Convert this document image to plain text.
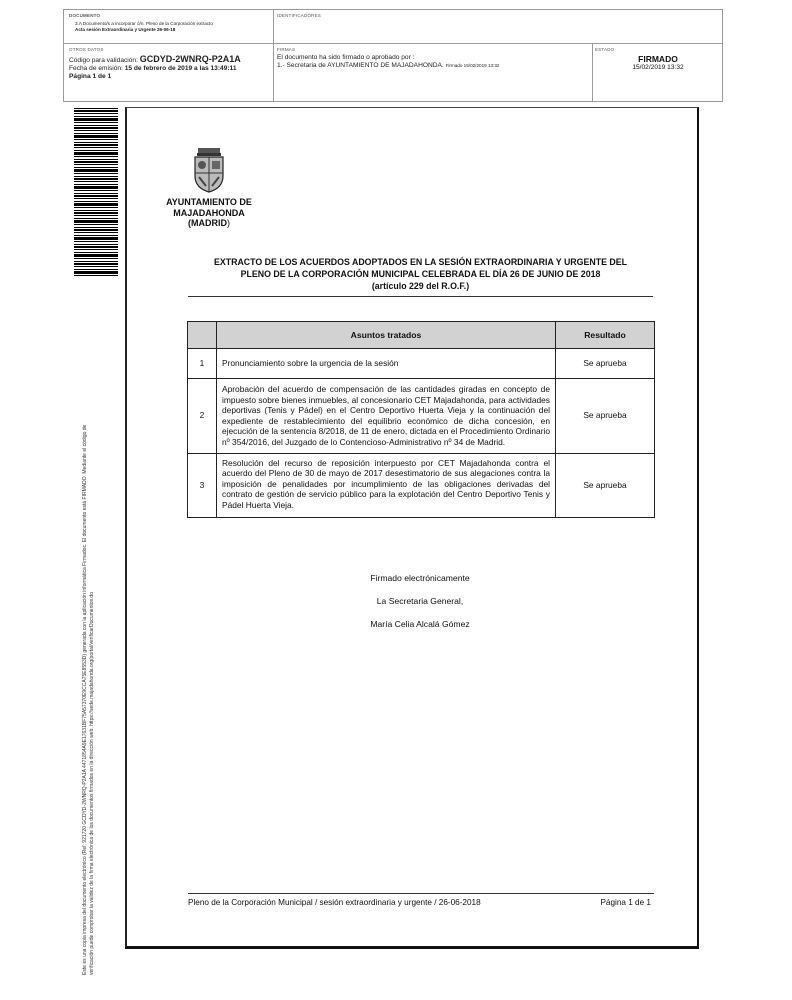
DOCUMENTO
3.A Documento/s a incorporar ó/n. Pleno de la Corporación extracto
Acta sesión Extraordinaria y Urgente 26-06-18
IDENTIFICADORES
OTROS DATOS
Código para validación: GCDYD-2WNRQ-P2A1A
Fecha de emisión: 15 de febrero de 2019 a las 13:49:11
Página 1 de 1
FIRMAS
El documento ha sido firmado o aprobado por :
1.- Secretaria de AYUNTAMIENTO DE MAJADAHONDA. Firmado 15/02/2019 13:32
ESTADO
FIRMADO
15/02/2019 13:32
Este es una copia impresa del documento electrónico (Ref: 921720 GCDYD-2WNRQ-P2A1A 4471854A9E17631BF75A57370E9CCA75E8553D) generada con la aplicación informática Firmadoc. El documento está FIRMADO. Mediante el código de verificación puede comprobar la validez de la firma electrónica de los documentos firmados en la dirección web: https://sede.majadahonda.org/portal/verificarDocumentos.do
AYUNTAMIENTO DE
MAJADAHONDA
(MADRID)
EXTRACTO DE LOS ACUERDOS ADOPTADOS EN LA SESIÓN EXTRAORDINARIA Y URGENTE DEL
PLENO DE LA CORPORACIÓN MUNICIPAL CELEBRADA EL DÍA 26 DE JUNIO DE 2018
(artículo 229 del R.O.F.)
	Asuntos tratados	Resultado
1	Pronunciamiento sobre la urgencia de la sesión	Se aprueba
2	Aprobación del acuerdo de compensación de las cantidades giradas en concepto de impuesto sobre bienes inmuebles, al concesionario CET Majadahonda, para actividades deportivas (Tenis y Pádel) en el Centro Deportivo Huerta Vieja y la continuación del expediente de restablecimiento del equilibrio económico de dicha concesión, en ejecución de la sentencia 8/2018, de 11 de enero, dictada en el Procedimiento Ordinario nº 354/2016, del Juzgado de lo Contencioso-Administrativo nº 34 de Madrid.	Se aprueba
3	Resolución del recurso de reposición interpuesto por CET Majadahonda contra el acuerdo del Pleno de 30 de mayo de 2017 desestimatorio de sus alegaciones contra la imposición de penalidades por incumplimiento de las obligaciones derivadas del contrato de gestión de servicio público para la explotación del Centro Deportivo Tenis y Pádel Huerta Vieja.	Se aprueba
Firmado electrónicamente
La Secretaria General,
María Celia Alcalá Gómez
Pleno de la Corporación Municipal / sesión extraordinaria y urgente / 26-06-2018	Página 1 de 1
